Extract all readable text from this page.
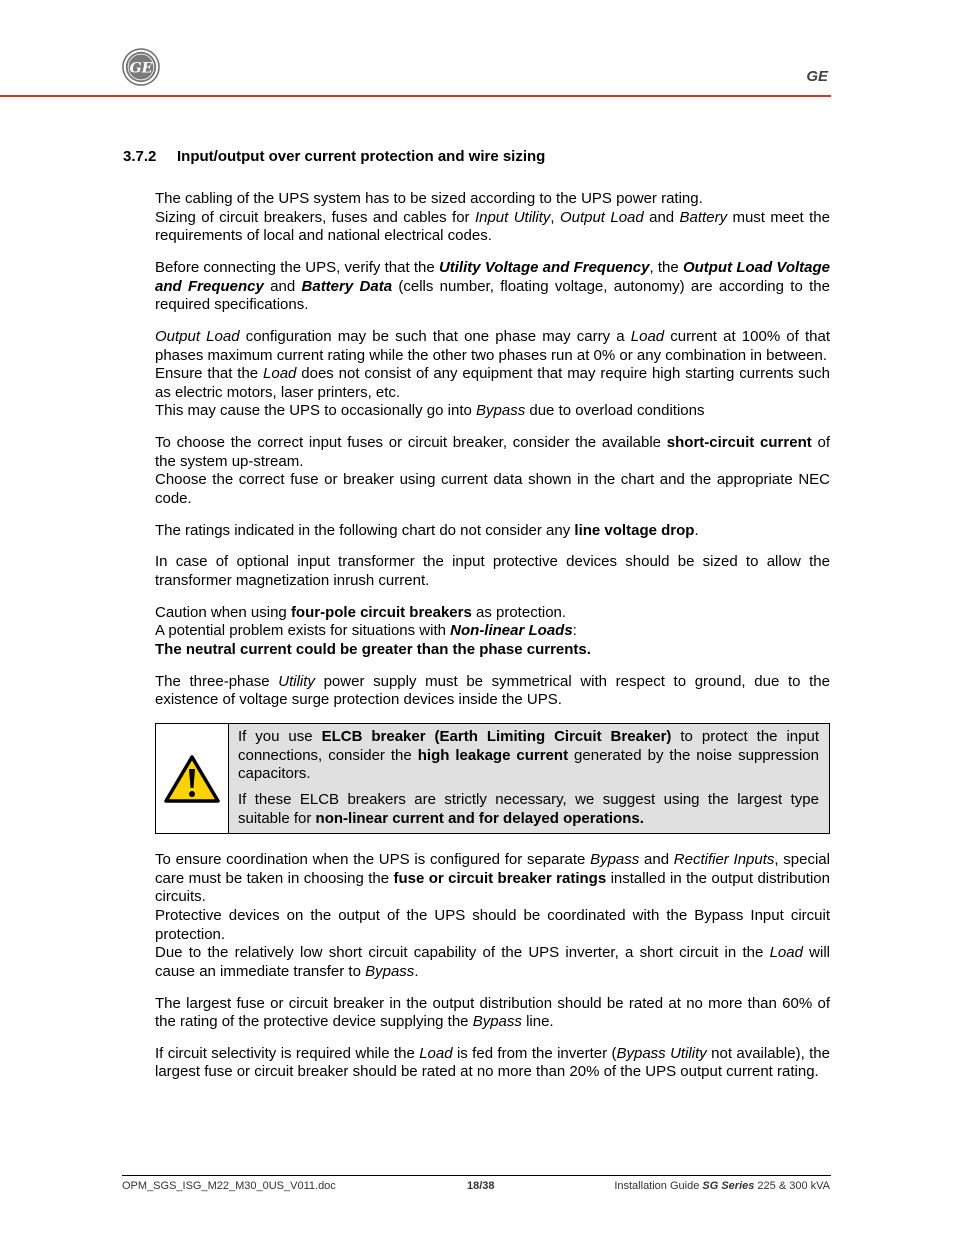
GE	GE
3.7.2 Input/output over current protection and wire sizing

The cabling of the UPS system has to be sized according to the UPS power rating.
Sizing of circuit breakers, fuses and cables for Input Utility, Output Load and Battery must meet the requirements of local and national electrical codes.

Before connecting the UPS, verify that the Utility Voltage and Frequency, the Output Load Voltage and Frequency and Battery Data (cells number, floating voltage, autonomy) are according to the required specifications.

Output Load configuration may be such that one phase may carry a Load current at 100% of that phases maximum current rating while the other two phases run at 0% or any combination in between.
Ensure that the Load does not consist of any equipment that may require high starting currents such as electric motors, laser printers, etc.
This may cause the UPS to occasionally go into Bypass due to overload conditions

To choose the correct input fuses or circuit breaker, consider the available short-circuit current of the system up-stream.
Choose the correct fuse or breaker using current data shown in the chart and the appropriate NEC code.

The ratings indicated in the following chart do not consider any line voltage drop.

In case of optional input transformer the input protective devices should be sized to allow the transformer magnetization inrush current.

Caution when using four-pole circuit breakers as protection.
A potential problem exists for situations with Non-linear Loads:
The neutral current could be greater than the phase currents.

The three-phase Utility power supply must be symmetrical with respect to ground, due to the existence of voltage surge protection devices inside the UPS.

If you use ELCB breaker (Earth Limiting Circuit Breaker) to protect the input connections, consider the high leakage current generated by the noise suppression capacitors.

If these ELCB breakers are strictly necessary, we suggest using the largest type suitable for non-linear current and for delayed operations.

To ensure coordination when the UPS is configured for separate Bypass and Rectifier Inputs, special care must be taken in choosing the fuse or circuit breaker ratings installed in the output distribution circuits.
Protective devices on the output of the UPS should be coordinated with the Bypass Input circuit protection.
Due to the relatively low short circuit capability of the UPS inverter, a short circuit in the Load will cause an immediate transfer to Bypass.

The largest fuse or circuit breaker in the output distribution should be rated at no more than 60% of the rating of the protective device supplying the Bypass line.

If circuit selectivity is required while the Load is fed from the inverter (Bypass Utility not available), the largest fuse or circuit breaker should be rated at no more than 20% of the UPS output current rating.

OPM_SGS_ISG_M22_M30_0US_V011.doc	18/38	Installation Guide SG Series 225 & 300 kVA
